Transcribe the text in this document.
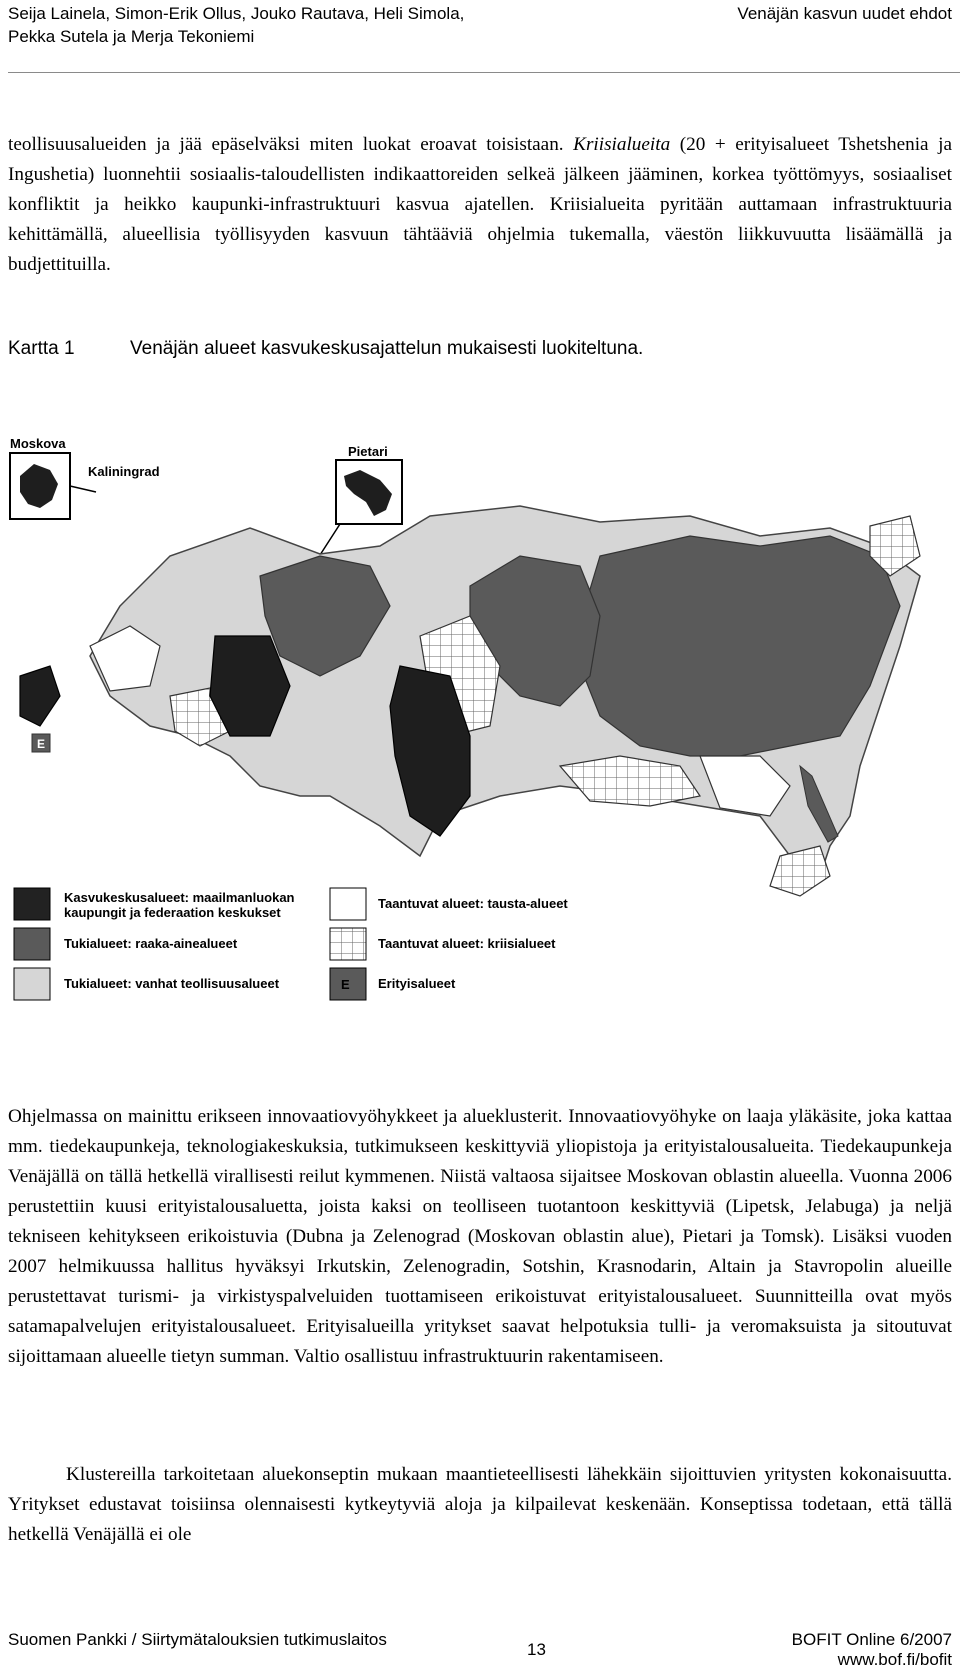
Seija Lainela, Simon-Erik Ollus, Jouko Rautava, Heli Simola,
Pekka Sutela ja Merja Tekoniemi
Venäjän kasvun uudet ehdot

teollisuusalueiden ja jää epäselväksi miten luokat eroavat toisistaan. Kriisialueita (20 + erityisalueet Tshetshenia ja Ingushetia) luonnehtii sosiaalis-taloudellisten indikaattoreiden selkeä jälkeen jääminen, korkea työttömyys, sosiaaliset konfliktit ja heikko kaupunki-infrastruktuuri kasvua ajatellen. Kriisialueita pyritään auttamaan infrastruktuuria kehittämällä, alueellisia työllisyyden kasvuun tähtääviä ohjelmia tukemalla, väestön liikkuvuutta lisäämällä ja budjettituilla.

Kartta 1	Venäjän alueet kasvukeskusajattelun mukaisesti luokiteltuna.
Moskova
Kaliningrad
Pietari
E
Kasvukeskusalueet: maailmanluokan
kaupungit ja federaation keskukset
Tukialueet: raaka-ainealueet
Tukialueet: vanhat teollisuusalueet
Taantuvat alueet: tausta-alueet
Taantuvat alueet: kriisialueet
E Erityisalueet

Ohjelmassa on mainittu erikseen innovaatiovyöhykkeet ja alueklusterit. Innovaatiovyöhyke on laaja yläkäsite, joka kattaa mm. tiedekaupunkeja, teknologiakeskuksia, tutkimukseen keskittyviä yliopistoja ja erityistalousalueita. Tiedekaupunkeja Venäjällä on tällä hetkellä virallisesti reilut kymmenen. Niistä valtaosa sijaitsee Moskovan oblastin alueella. Vuonna 2006 perustettiin kuusi erityistalousaluetta, joista kaksi on teolliseen tuotantoon keskittyviä (Lipetsk, Jelabuga) ja neljä tekniseen kehitykseen erikoistuvia (Dubna ja Zelenograd (Moskovan oblastin alue), Pietari ja Tomsk). Lisäksi vuoden 2007 helmikuussa hallitus hyväksyi Irkutskin, Zelenogradin, Sotshin, Krasnodarin, Altain ja Stavropolin alueille perustettavat turismi- ja virkistyspalveluiden tuottamiseen erikoistuvat erityistalousalueet. Suunnitteilla ovat myös satamapalvelujen erityistalousalueet. Erityisalueilla yritykset saavat helpotuksia tulli- ja veromaksuista ja sitoutuvat sijoittamaan alueelle tietyn summan. Valtio osallistuu infrastruktuurin rakentamiseen.

Klustereilla tarkoitetaan aluekonseptin mukaan maantieteellisesti lähekkäin sijoittuvien yritysten kokonaisuutta. Yritykset edustavat toisiinsa olennaisesti kytkeytyviä aloja ja kilpailevat keskenään. Konseptissa todetaan, että tällä hetkellä Venäjällä ei ole

Suomen Pankki / Siirtymätalouksien tutkimuslaitos
13
BOFIT Online 6/2007
www.bof.fi/bofit
